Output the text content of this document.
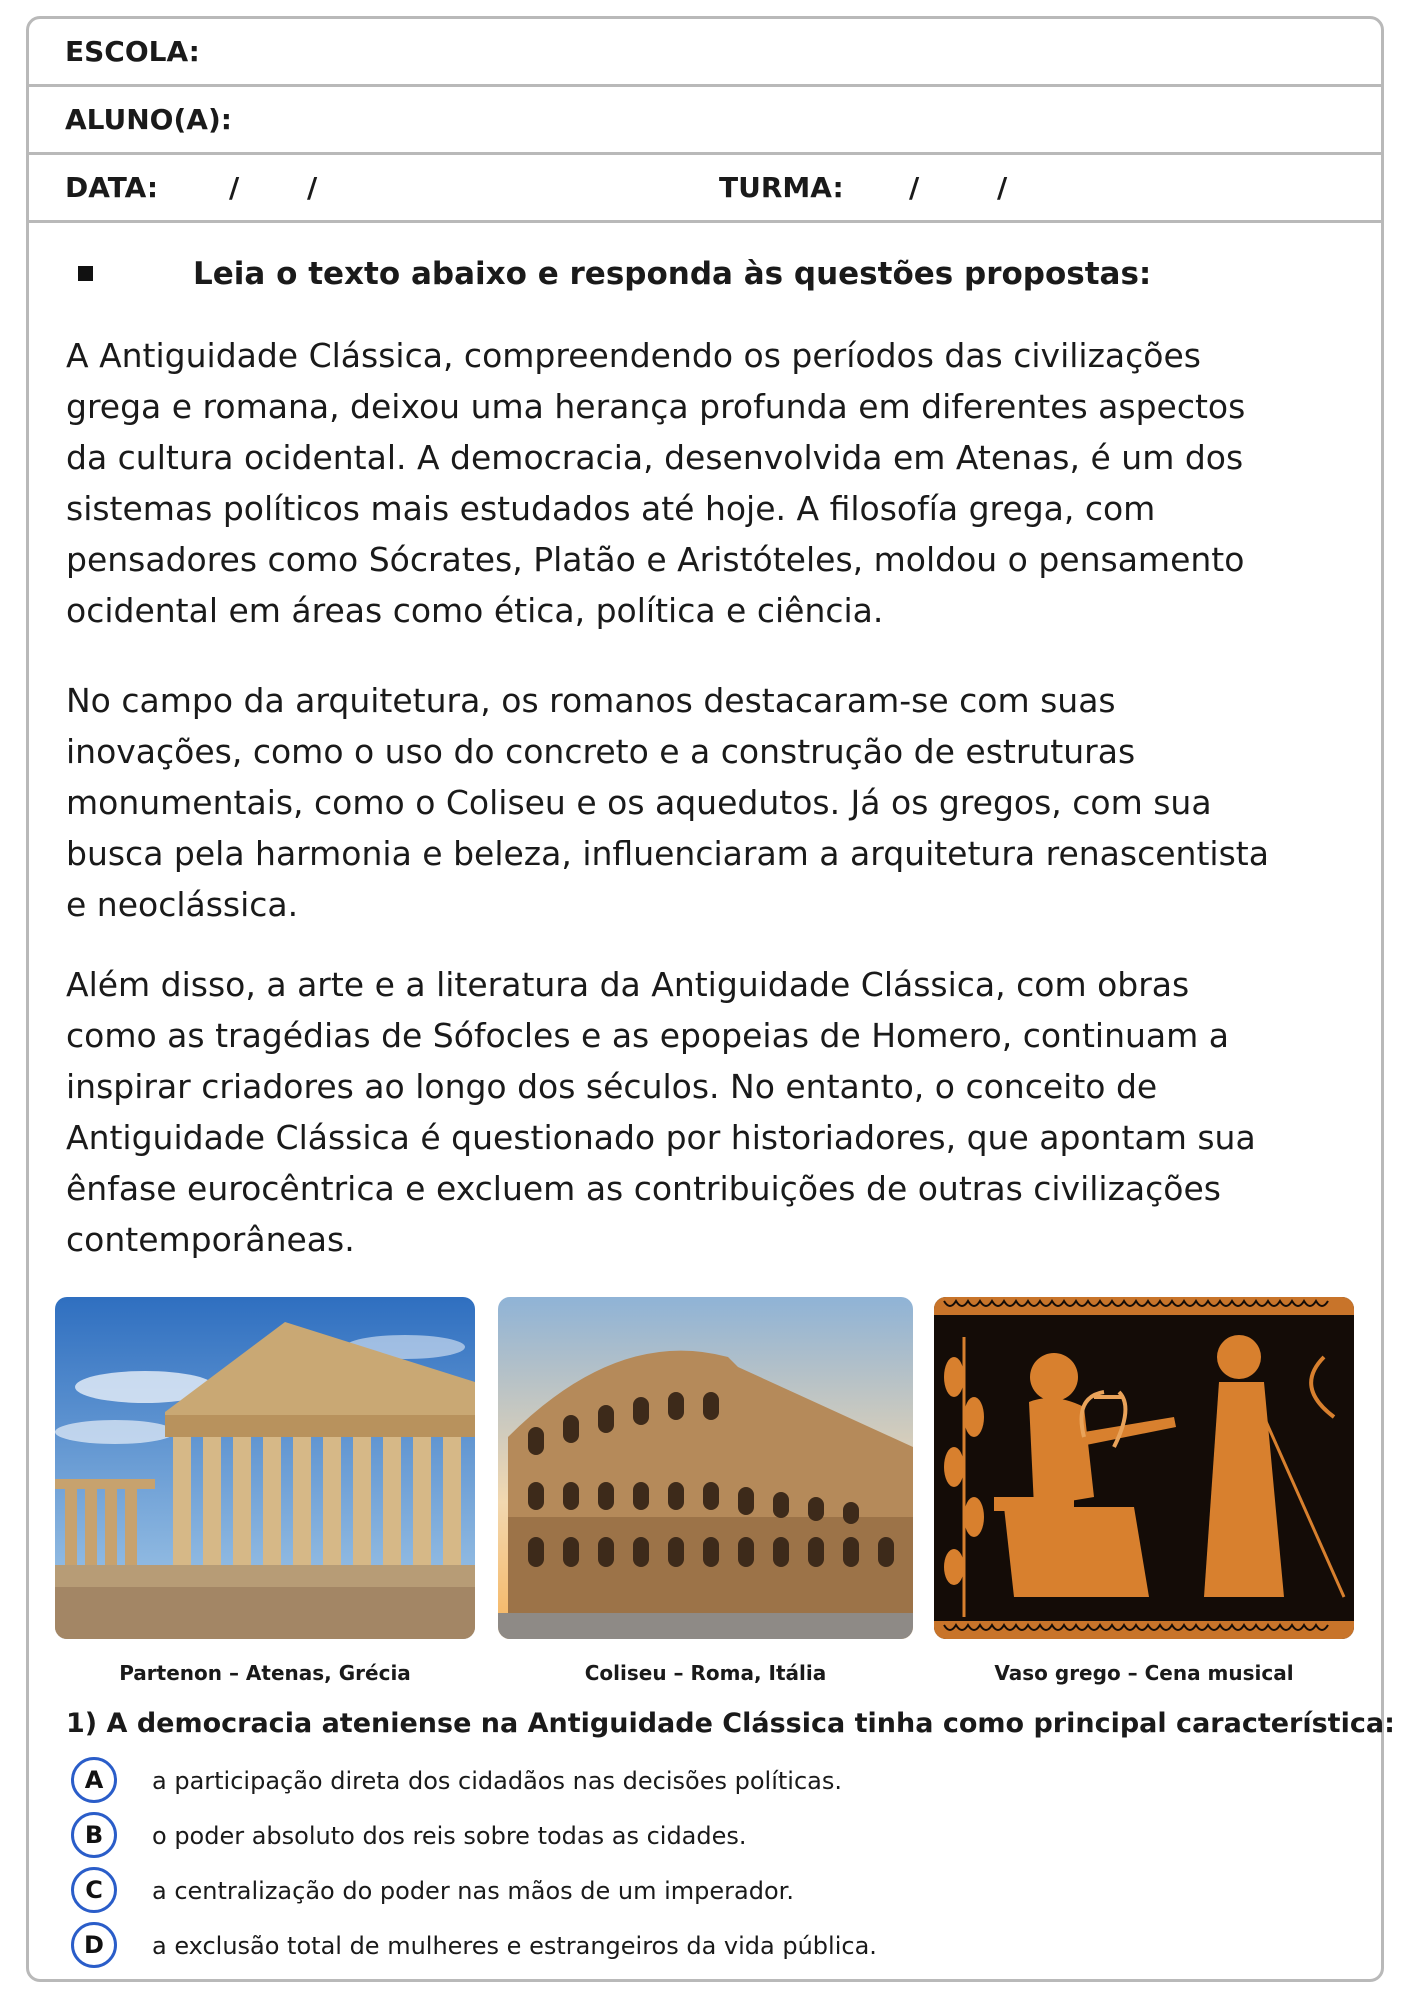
ESCOLA:
ALUNO(A):
DATA:	/ /	TURMA: /	/
Leia o texto abaixo e responda às questões propostas:

A Antiguidade Clássica, compreendendo os períodos das civilizações
grega e romana, deixou uma herança profunda em diferentes aspectos
da cultura ocidental. A democracia, desenvolvida em Atenas, é um dos
sistemas políticos mais estudados até hoje. A filosofía grega, com
pensadores como Sócrates, Platão e Aristóteles, moldou o pensamento
ocidental em áreas como ética, política e ciência.

No campo da arquitetura, os romanos destacaram-se com suas
inovações, como o uso do concreto e a construção de estruturas
monumentais, como o Coliseu e os aquedutos. Já os gregos, com sua
busca pela harmonia e beleza, influenciaram a arquitetura renascentista
e neoclássica.

Além disso, a arte e a literatura da Antiguidade Clássica, com obras
como as tragédias de Sófocles e as epopeias de Homero, continuam a
inspirar criadores ao longo dos séculos. No entanto, o conceito de
Antiguidade Clássica é questionado por historiadores, que apontam sua
ênfase eurocêntrica e excluem as contribuições de outras civilizações
contemporâneas.

Partenon – Atenas, Grécia	Coliseu – Roma, Itália	Vaso grego – Cena musical
1) A democracia ateniense na Antiguidade Clássica tinha como principal característica:
A	a participação direta dos cidadãos nas decisões políticas.
B	o poder absoluto dos reis sobre todas as cidades.
C	a centralização do poder nas mãos de um imperador.
D	a exclusão total de mulheres e estrangeiros da vida pública.
